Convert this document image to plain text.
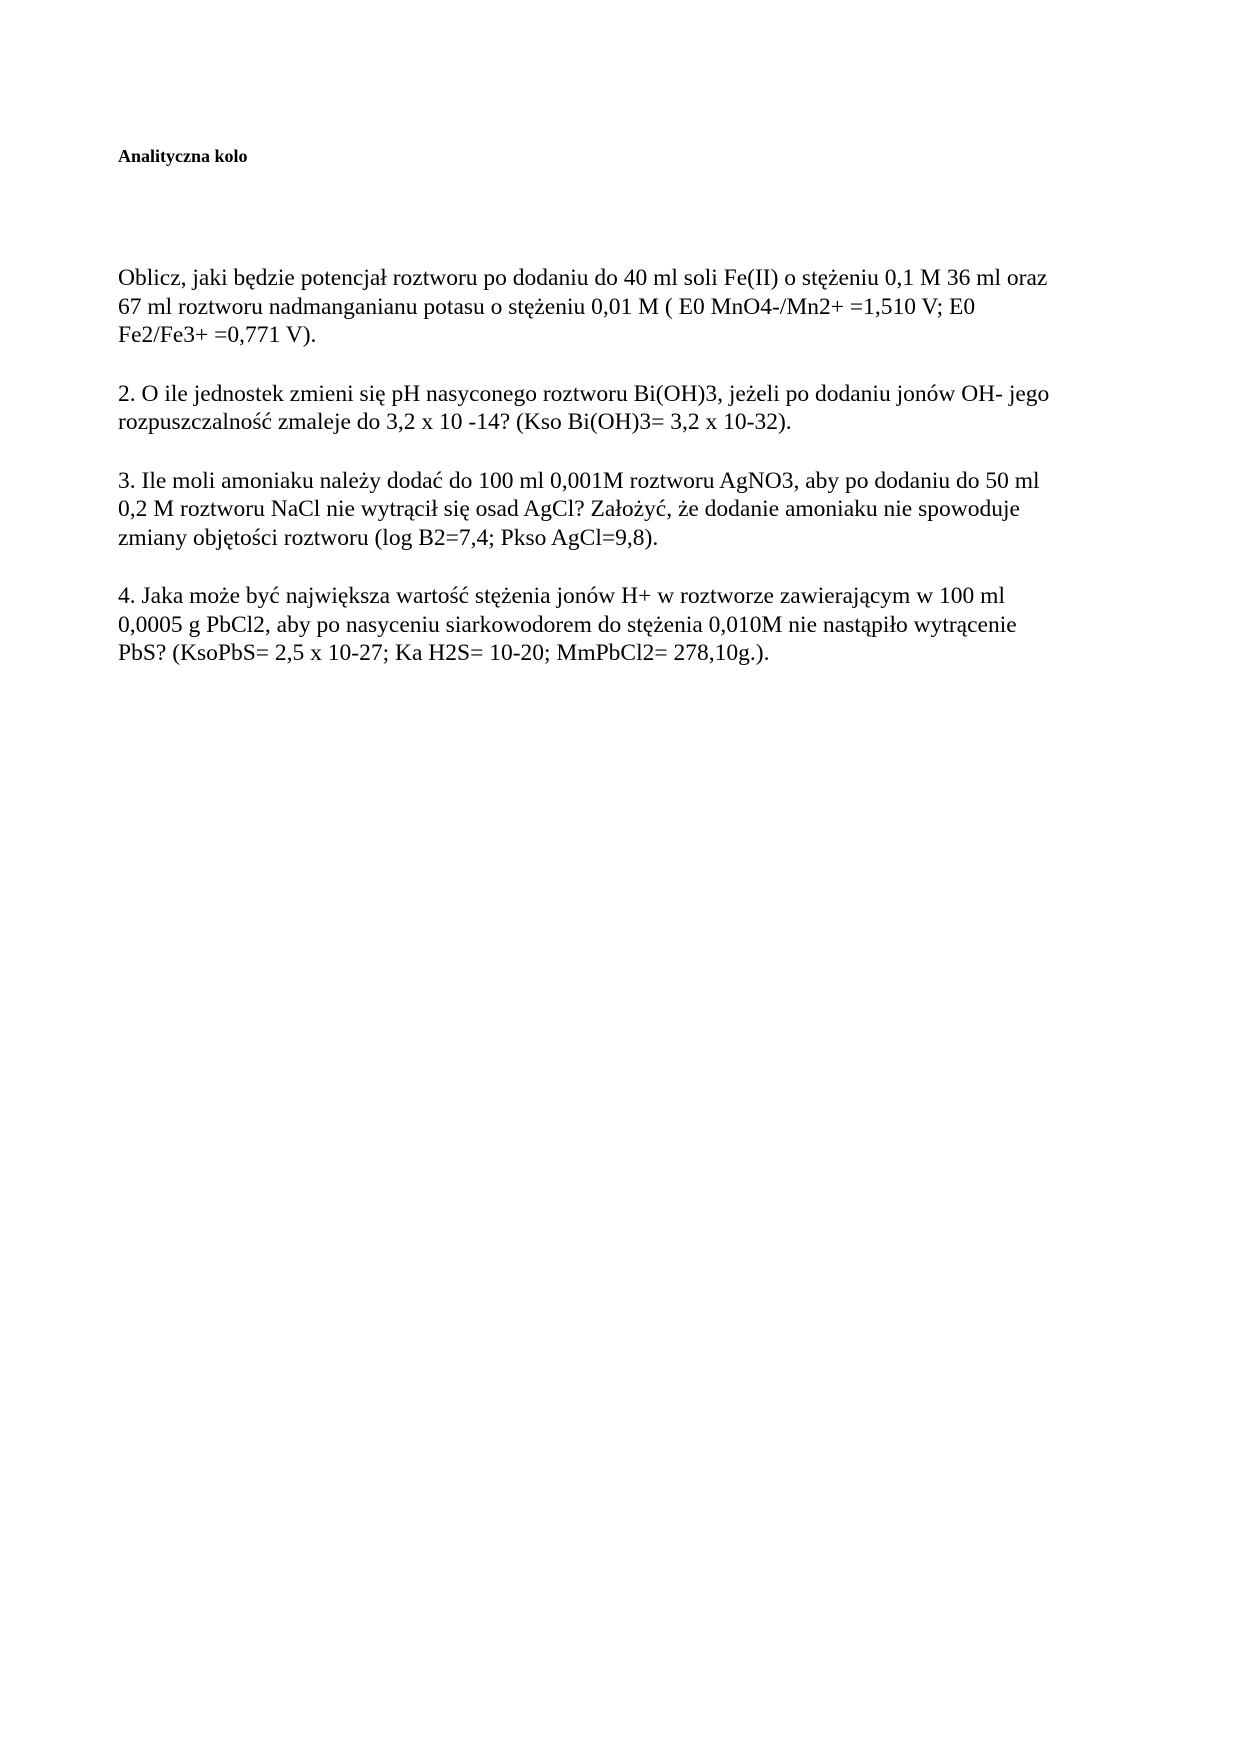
Analityczna kolo

Oblicz, jaki będzie potencjał roztworu po dodaniu do 40 ml soli Fe(II) o stężeniu 0,1 M 36 ml oraz
67 ml roztworu nadmanganianu potasu o stężeniu 0,01 M ( E0 MnO4-/Mn2+ =1,510 V; E0
Fe2/Fe3+ =0,771 V).

2. O ile jednostek zmieni się pH nasyconego roztworu Bi(OH)3, jeżeli po dodaniu jonów OH- jego
rozpuszczalność zmaleje do 3,2 x 10 -14? (Kso Bi(OH)3= 3,2 x 10-32).

3. Ile moli amoniaku należy dodać do 100 ml 0,001M roztworu AgNO3, aby po dodaniu do 50 ml
0,2 M roztworu NaCl nie wytrącił się osad AgCl? Założyć, że dodanie amoniaku nie spowoduje
zmiany objętości roztworu (log B2=7,4; Pkso AgCl=9,8).

4. Jaka może być największa wartość stężenia jonów H+ w roztworze zawierającym w 100 ml
0,0005 g PbCl2, aby po nasyceniu siarkowodorem do stężenia 0,010M nie nastąpiło wytrącenie
PbS? (KsoPbS= 2,5 x 10-27; Ka H2S= 10-20; MmPbCl2= 278,10g.).
